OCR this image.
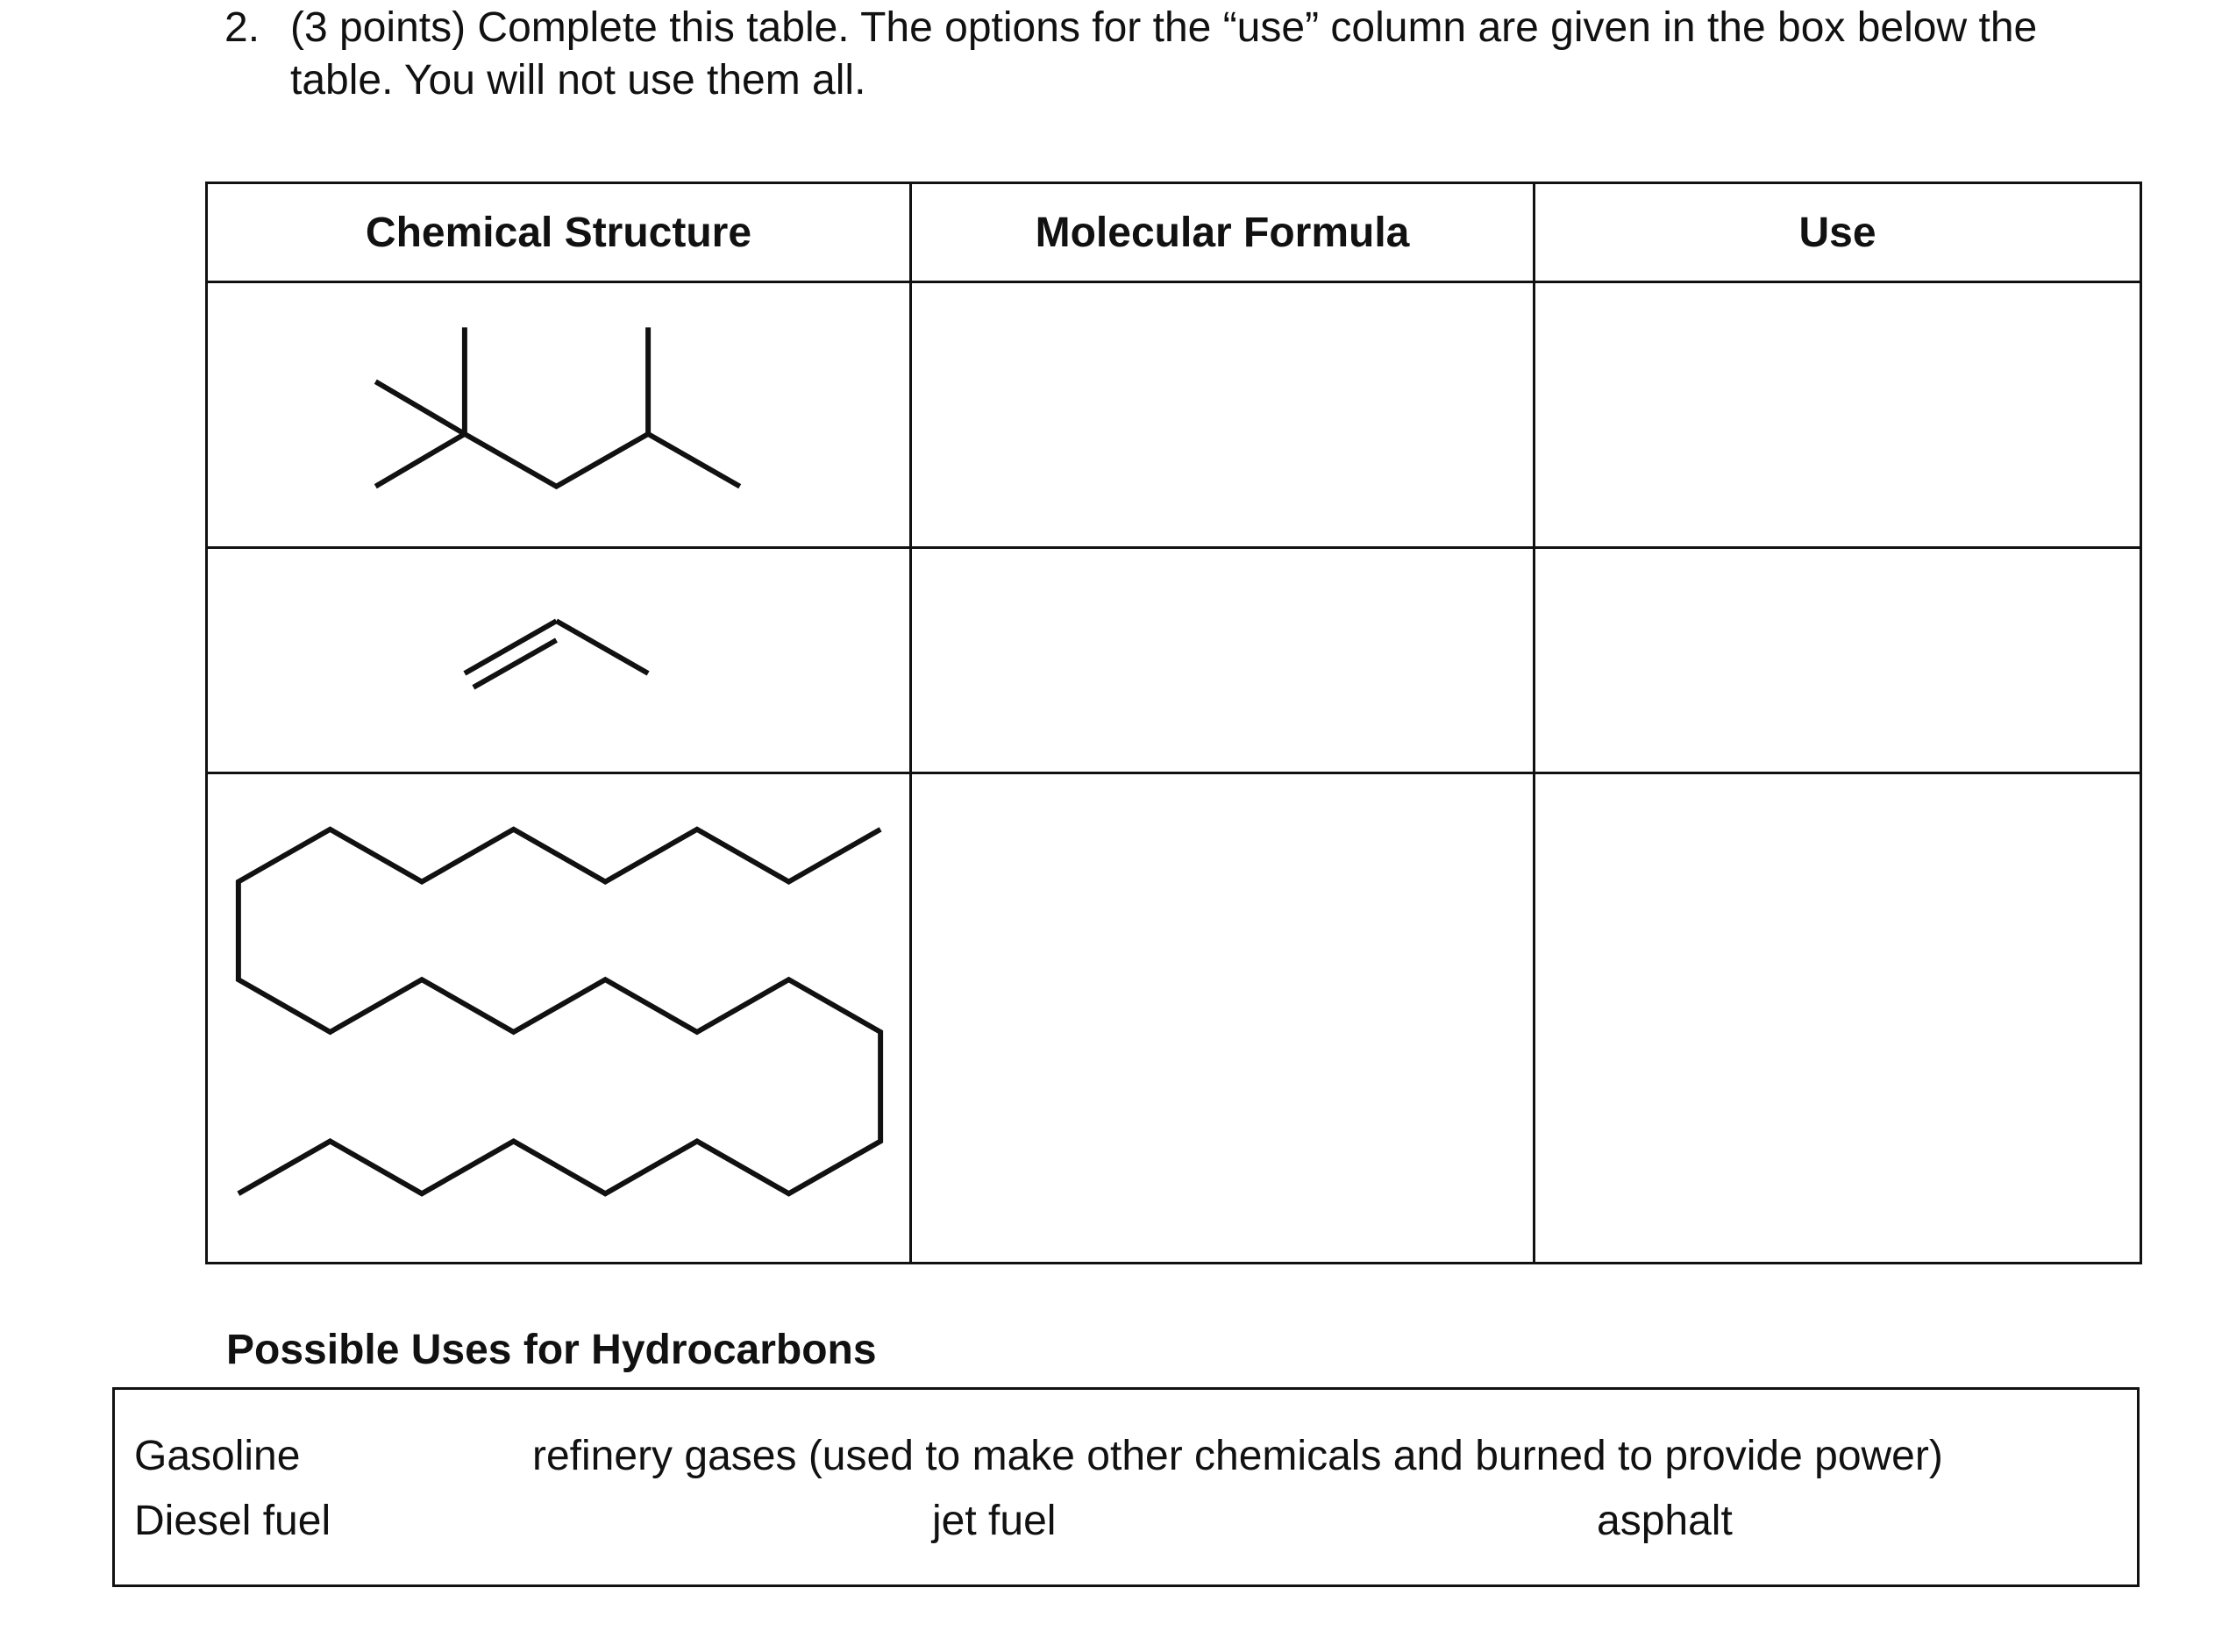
2. (3 points) Complete this table. The options for the “use” column are given in the box below the table. You will not use them all.
Chemical Structure	Molecular Formula	Use

Possible Uses for Hydrocarbons
Gasoline	refinery gases (used to make other chemicals and burned to provide power)
Diesel fuel	jet fuel	asphalt
